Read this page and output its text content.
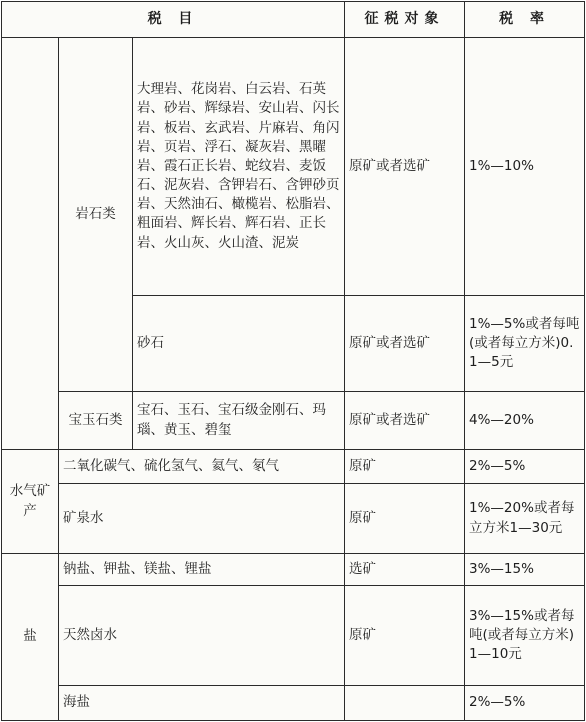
税 目			征税对象	税 率
	岩石类	大理岩、花岗岩、白云岩、石英岩、砂岩、辉绿岩、安山岩、闪长岩、板岩、玄武岩、片麻岩、角闪岩、页岩、浮石、凝灰岩、黑曜岩、霞石正长岩、蛇纹岩、麦饭石、泥灰岩、含钾岩石、含钾砂页岩、天然油石、橄榄岩、松脂岩、粗面岩、辉长岩、辉石岩、正长岩、火山灰、火山渣、泥炭	原矿或者选矿	1%—10%
		砂石	原矿或者选矿	1%—5%或者每吨(或者每立方米)0.1—5元
	宝玉石类	宝石、玉石、宝石级金刚石、玛瑙、黄玉、碧玺	原矿或者选矿	4%—20%
水气矿产	二氧化碳气、硫化氢气、氦气、氡气		原矿	2%—5%
	矿泉水		原矿	1%—20%或者每立方米1—30元
盐	钠盐、钾盐、镁盐、锂盐		选矿	3%—15%
	天然卤水		原矿	3%—15%或者每吨(或者每立方米)1—10元
	海盐			2%—5%
